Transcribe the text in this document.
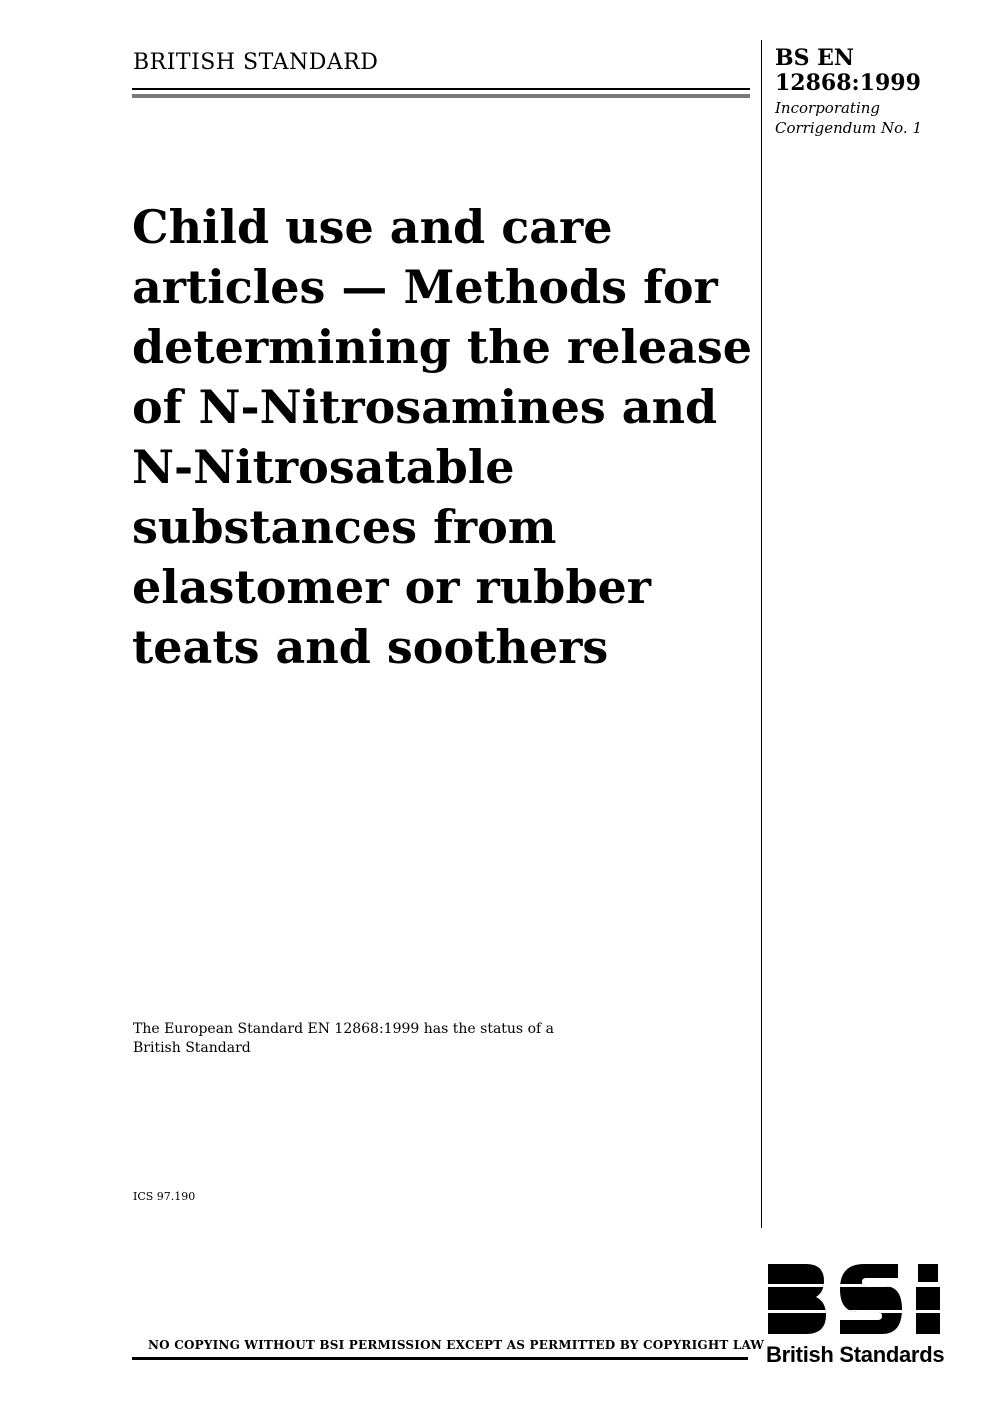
BRITISH STANDARD	BS EN
12868:1999
Incorporating
Corrigendum No. 1
Child use and care
articles — Methods for
determining the release
of N-Nitrosamines and
N-Nitrosatable
substances from
elastomer or rubber
teats and soothers
The European Standard EN 12868:1999 has the status of a
British Standard
ICS 97.190
NO COPYING WITHOUT BSI PERMISSION EXCEPT AS PERMITTED BY COPYRIGHT LAW British Standards
